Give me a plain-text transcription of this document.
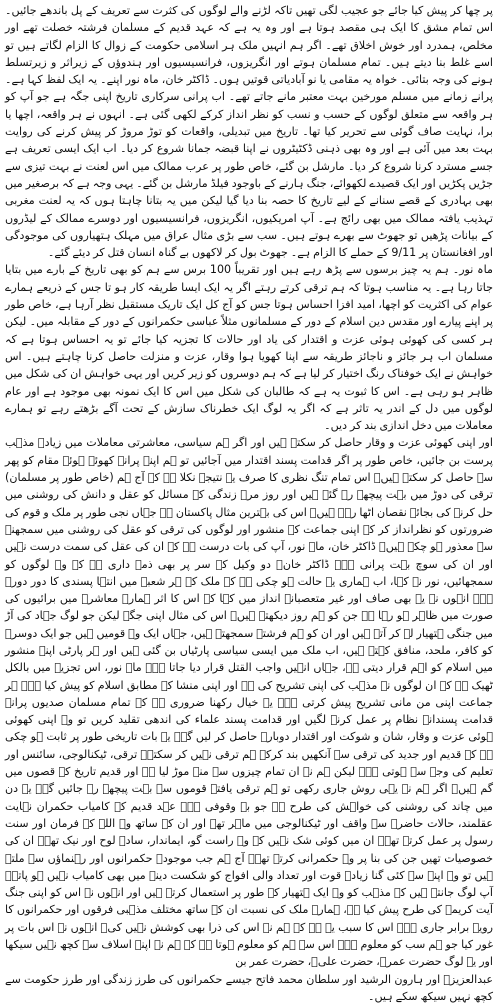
پر چھا کر پیش کیا جائے جو عجیب لگی تھیں تاکہ لڑنے والے لوگوں کی کثرت سے تعریف کے پل باندھے جائیں۔ اس تمام مشق کا ایک ہی مقصد ہوتا ہے اور وہ یہ ہے کہ عہد قدیم کے مسلمان فرشتہ خصلت تھے اور مخلص، ہمدرد اور خوش اخلاق تھے۔ اگر ہم انہیں ملک ہر اسلامی حکومت کے زوال کا الزام لگاتے ہیں تو اسے غلط بنا دیتے ہیں۔ تمام مسلمان ہوتے اور انگریزوں، فرانسیسیوں اور ہندوؤں کے زیراثر و زیرتسلط ہونے کی وجہ بتائی۔ خواہ یہ مقامی یا نو آبادیاتی قوتیں ہوں۔ ڈاکٹر خان، ماہ نور اپنے۔ یہ ایک لفظ کہا ہے۔ پرانے زمانے میں مسلم مورخین بہت معتبر مانے جاتے تھے۔ اب پرانی سرکاری تاریخ اپنی جگہ ہے جو آپ کو ہر واقعہ سے متعلق لوگوں کے حسب و نسب کو نظر انداز کرکے لکھی گئی ہے۔ انہوں نے ہر واقعہ، اچھا یا برا، نہایت صاف گوئی سے تحریر کیا تھا۔ تاریخ میں تبدیلی، واقعات کو توڑ مروڑ کر پیش کرنے کی روایت بہت بعد میں آئی ہے اور وہ بھی ذہنی ڈکٹیٹروں نے اپنا قبضہ جمانا شروع کر دیا۔ اب ایک ایسی تعریف ہے جسے مسترد کرنا شروع کر دیا۔ مارشل بن گئے، خاص طور پر عرب ممالک میں اس لعنت نے بہت تیزی سے جڑیں پکڑیں اور ایک قصیدے لکھوائے، جنگ ہارنے کے باوجود فیلڈ مارشل بن گئے۔ یہی وجہ ہے کہ برصغیر میں بھی بہادری کے قصے سنانے کے لیے تاریخ کا حصہ بنا دیا گیا لیکن میں یہ بتانا چاہتا ہوں کہ یہ لعنت مغربی تہذیب یافتہ ممالک میں بھی رائج ہے۔ آپ امریکیوں، انگریزوں، فرانسیسیوں اور دوسرے ممالک کے لیڈروں کے بیانات پڑھیں تو جھوٹ سے بھرے ہوتے ہیں۔ سب سے بڑی مثال عراق میں مہلک ہتھیاروں کی موجودگی اور افغانستان پر 9/11 کے حملے کا الزام ہے۔ جھوٹ بول کر لاکھوں بے گناہ انسان قتل کر دیئے گئے۔

ماہ نور۔ ہم یہ چیز برسوں سے پڑھ رہے ہیں اور تقریباً 100 برس سے ہم کو بھی تاریخ کے بارے میں بتایا جاتا رہا ہے۔ یہ مناسب ہوتا کہ ہم ترقی کرتے رہتے اگر یہ ایک ایسا طریقہ کار ہو تا جس کے ذریعے ہمارے عوام کی اکثریت کو اچھا، امید افزا احساس ہوتا جس کو آج کل ایک تاریک مستقبل نظر آرہا ہے، خاص طور پر اپنے پیارے اور مقدس دین اسلام کے دور کے مسلمانوں مثلاً عباسی حکمرانوں کے دور کے مقابلہ میں۔ لیکن ہر کسی کی کھوئی ہوئی عزت و اقتدار کی یاد اور حالات کا تجزیہ کیا جائے تو یہ احساس ہوتا ہے کہ مسلمان اب ہر جائز و ناجائز طریقہ سے اپنا کھویا ہوا وقار، عزت و منزلت حاصل کرنا چاہتے ہیں۔ اس خواہش نے ایک خوفناک رنگ اختیار کر لیا ہے کہ ہم دوسروں کو زیر کریں اور یہی خواہش ان کی شکل میں ظاہر ہو رہی ہے۔ اس کا ثبوت یہ ہے کہ طالبان کی شکل میں اس کا ایک نمونہ بھی موجود ہے اور عام لوگوں میں دل کے اندر یہ تاثر ہے کہ اگر یہ لوگ ایک خطرناک سازش کے تحت آگے بڑھتے رہے تو ہمارے معاملات میں دخل اندازی بند کر دیں۔

اور اپنی کھوئی عزت و وقار حاصل کر سکتے ہیں اور اگر ہم سیاسی، معاشرتی معاملات میں زیادہ مذہب پرست بن جائیں، خاص طور پر اگر قدامت پسند اقتدار میں آجائیں تو ہم اپنے پرانے کھوئے ہوئے مقام کو پھر سے حاصل کر سکتے ہیں۔ اس تمام تنگ نظری کا صرف یہ نتیجہ نکلا ہے کہ آج ہم (خاص طور پر مسلمان) ترقی کی دوڑ میں بہت پیچھے رہ گئے ہیں اور روز مرہ زندگی کے مسائل کو عقل و دانش کی روشنی میں حل کرنے کی بجائے نقصان اٹھا رہے ہیں۔ اس کی بہترین مثال پاکستان ہے جہاں نجی طور پر ملک و قوم کی ضرورتوں کو نظرانداز کر کے اپنی جماعت کے منشور اور لوگوں کی ترقی کو عقل کی روشنی میں سمجھنے سے معذور ہو چکے ہیں۔ ڈاکٹر خان، ماہ نور، آپ کی بات درست ہے کہ ان کی عقل کی سمت درست نہیں اور ان کی سوچ بہت پرانی ہے۔ ڈاکٹر خان۔ دو وکیل کے سر پر بھی ذمہ داری ہے کہ وہ لوگوں کو سمجھائیں، نور نے کہا، اب ہماری یہ حالت ہو چکی ہے کہ ملک کے ہر شعبے میں انتہا پسندی کا دور دورہ ہے۔ انہوں نے یہ بھی صاف اور غیر متعصبانہ انداز میں کہا کہ اس کا اثر ہمارے معاشرے میں برائیوں کی صورت میں ظاہر ہو رہا ہے جن کو ہم روز دیکھتے ہیں۔ اس کی مثال اپنی جگہ لیکن جو لوگ جہاد کی آڑ میں جنگی ہتھیار لے کر آتے ہیں اور ان کو ہم فرشتہ سمجھتے ہیں، جہاں ایک وہ قومیں ہیں جو ایک دوسرے کو کافر، ملحد، منافق کہتے ہیں، اب ملک میں ایسی سیاسی پارٹیاں بن گئی ہیں اور ہر پارٹی اپنے منشور میں اسلام کو اہم قرار دیتی ہے، جہاں انہیں واجب القتل قرار دیا جاتا ہے۔ ماہ نور، اس تجزیہ میں بالکل ٹھیک ہے کہ ان لوگوں نے مذہب کی اپنی تشریح کی ہے اور اپنی منشا کے مطابق اسلام کو پیش کیا ہے۔ ہر جماعت اپنی من مانی تشریح پیش کرتی ہے۔ یہ خیال رکھنا ضروری ہے کہ تمام مسلمان صدیوں پرانے قدامت پسندانہ نظام پر عمل کرنے لگیں اور قدامت پسند علماء کی اندھی تقلید کریں تو وہ اپنی کھوئی ہوئی عزت و وقار، شان و شوکت اور اقتدار دوبارہ حاصل کر لیں گے۔ یہ بات تاریخی طور پر ثابت ہو چکی ہے کہ قدیم اور جدید کی ترقی سے آنکھیں بند کرکے ہم ترقی نہیں کر سکتے۔ ترقی، ٹیکنالوجی، سائنس اور تعلیم کی وجہ سے ہوتی ہے۔ لیکن ہم نے ان تمام چیزوں سے منہ موڑ لیا ہے اور قدیم تاریخ کے قصوں میں گم ہیں۔ اگر ہم نے یہی روش جاری رکھی تو ہم ترقی یافتہ قوموں سے بہت پیچھے رہ جائیں گے۔ یہ دن میں چاند کی روشنی کی خواہش کی طرح ہے جو بے وقوفی ہے۔ عہد قدیم کے کامیاب حکمران نہایت عقلمند، حالات حاضرہ سے واقف اور ٹیکنالوجی میں ماہر تھے اور ان کے ساتھ وہ اللہ کے فرمان اور سنت رسول پر عمل کرتے تھے۔ ان میں کوئی شک نہیں کہ وہ راست گو، ایماندار، سادہ لوح اور نیک تھے۔ ان کی خصوصیات تھیں جن کی بنا پر وہ حکمرانی کرتے تھے۔ آج ہم جب موجودہ حکمرانوں اور رہنماؤں سے ملتے ہیں تو وہ اپنے سے کئی گنا زیادہ قوت اور تعداد والی افواج کو شکست دینے میں بھی کامیاب نہیں ہو پاتے۔ آپ لوگ جانتے ہیں کہ مذہب کو وہ ایک ہتھیار کے طور پر استعمال کرتے ہیں اور انہوں نے اس کو اپنی جنگ آیت کریمہ کی طرح پیش کیا ہے، ہمارے ملک کی نسبت ان کے ساتھ مختلف مذہبی فرقوں اور حکمرانوں کا رویہ برابر جاری ہے۔ اس کا سبب یہ ہے کہ ہم نے اس کی ذرا بھی کوشش نہیں کی۔ انہوں نے اس بات پر غور کیا جو ہم سب کو معلوم ہے۔ اس سے ہم کو معلوم ہوتا ہے کہ ہم نے اپنے اسلاف سے کچھ نہیں سیکھا اور یہ لوگ حضرت عمرؓ، حضرت علیؓ، حضرت عمر بن

عبدالعزیزؒ اور ہارون الرشید اور سلطان محمد فاتح جیسے حکمرانوں کی طرز زندگی اور طرز حکومت سے کچھ نہیں سیکھ سکے ہیں۔
